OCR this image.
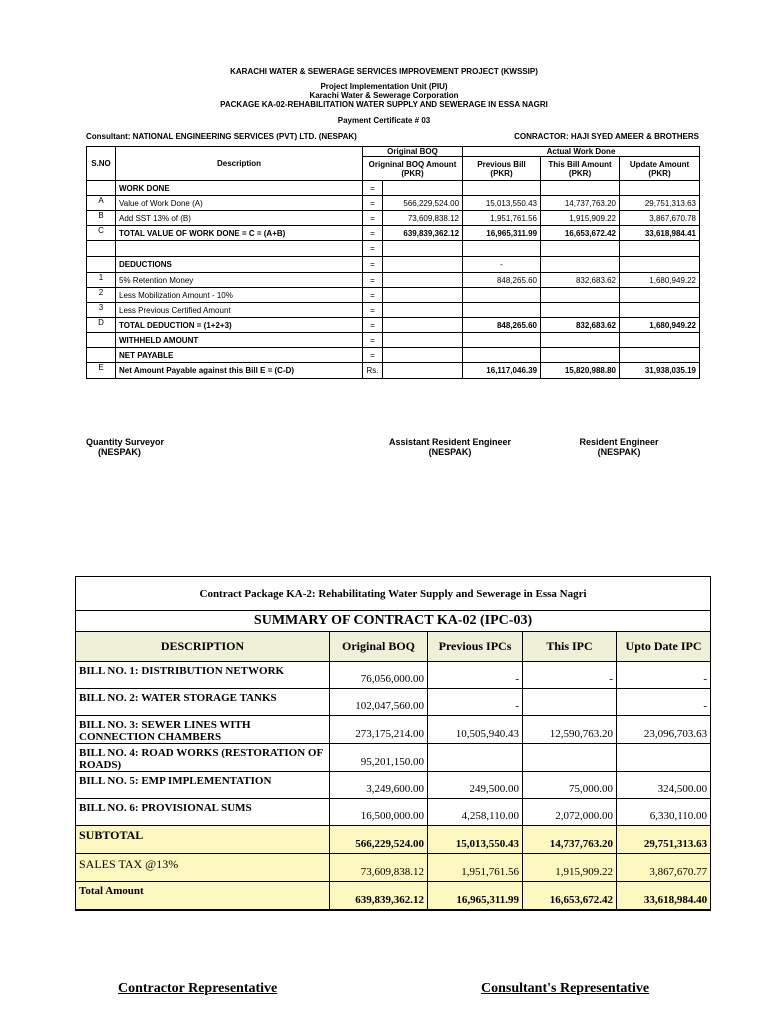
KARACHI WATER & SEWERAGE SERVICES IMPROVEMENT PROJECT (KWSSIP)
Project Implementation Unit (PIU)
Karachi Water & Sewerage Corporation
PACKAGE KA-02-REHABILITATION WATER SUPPLY AND SEWERAGE IN ESSA NAGRI
Payment Certificate # 03
Consultant: NATIONAL ENGINEERING SERVICES (PVT) LTD. (NESPAK)	CONRACTOR: HAJI SYED AMEER & BROTHERS
S.NO	Description	Original BOQ		Actual Work Done		
		Origninal BOQ Amount (PKR)		Previous Bill (PKR)	This Bill Amount (PKR)	Update Amount (PKR)
	WORK DONE	=				
A	Value of Work Done (A)	=	566,229,524.00	15,013,550.43	14,737,763.20	29,751,313.63
B	Add SST 13% of (B)	=	73,609,838.12	1,951,761.56	1,915,909.22	3,867,670.78
C	TOTAL VALUE OF WORK DONE = C = (A+B)	=	639,839,362.12	16,965,311.99	16,653,672.42	33,618,984.41
		=				
	DEDUCTIONS	=		-		
1	5% Retention Money	=		848,265.60	832,683.62	1,680,949.22
2	Less Mobilization Amount - 10%	=				
3	Less Previous Certified Amount	=				
D	TOTAL DEDUCTION = (1+2+3)	=		848,265.60	832,683.62	1,680,949.22
	WITHHELD AMOUNT	=				
	NET PAYABLE	=				
E	Net Amount Payable against this Bill E = (C-D)	Rs.		16,117,046.39	15,820,988.80	31,938,035.19
Quantity Surveyor
(NESPAK)
Assistant Resident Engineer
(NESPAK)
Resident Engineer
(NESPAK)
Contract Package KA-2: Rehabilitating Water Supply and Sewerage in Essa Nagri				
SUMMARY OF CONTRACT KA-02 (IPC-03)				
DESCRIPTION	Original BOQ	Previous IPCs	This IPC	Upto Date IPC
BILL NO. 1: DISTRIBUTION NETWORK	76,056,000.00	-	-	-
BILL NO. 2: WATER STORAGE TANKS	102,047,560.00	-		-
BILL NO. 3: SEWER LINES WITH CONNECTION CHAMBERS	273,175,214.00	10,505,940.43	12,590,763.20	23,096,703.63
BILL NO. 4: ROAD WORKS (RESTORATION OF ROADS)	95,201,150.00			
BILL NO. 5: EMP IMPLEMENTATION	3,249,600.00	249,500.00	75,000.00	324,500.00
BILL NO. 6: PROVISIONAL SUMS	16,500,000.00	4,258,110.00	2,072,000.00	6,330,110.00
SUBTOTAL	566,229,524.00	15,013,550.43	14,737,763.20	29,751,313.63
SALES TAX @13%	73,609,838.12	1,951,761.56	1,915,909.22	3,867,670.77
Total Amount	639,839,362.12	16,965,311.99	16,653,672.42	33,618,984.40
Contractor Representative	Consultant's Representative
